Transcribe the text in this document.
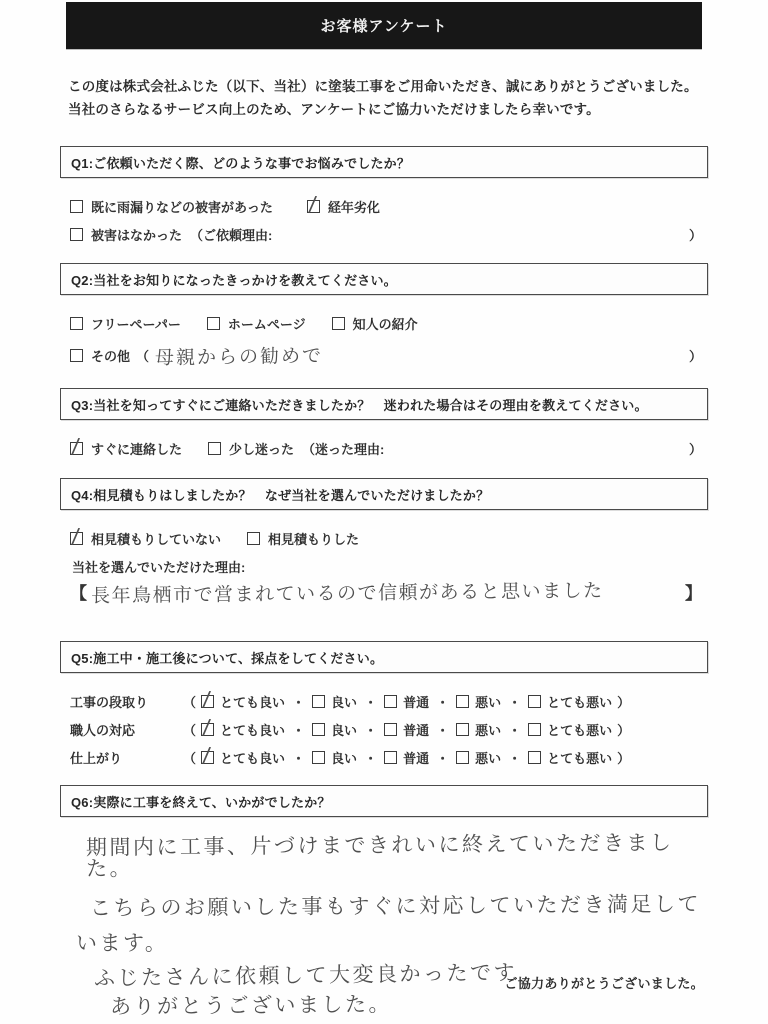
お客様アンケート

この度は株式会社ふじた（以下、当社）に塗装工事をご用命いただき、誠にありがとうございました。

当社のさらなるサービス向上のため、アンケートにご協力いただけましたら幸いです。

Q1:ご依頼いただく際、どのような事でお悩みでしたか？
既に雨漏りなどの被害があった / 経年劣化
被害はなかった （ご依頼理由:	）
Q2:当社をお知りになったきっかけを教えてください。
フリーペーパー	ホームページ	知人の紹介
その他 （ 母親からの勧めで	）
Q3:当社を知ってすぐにご連絡いただきましたか？　迷われた場合はその理由を教えてください。
/ すぐに連絡した	少し迷った （迷った理由:	）
Q4:相見積もりはしましたか？　なぜ当社を選んでいただけましたか？
/ 相見積もりしていない	相見積もりした
当社を選んでいただけた理由:
【 長年鳥栖市で営まれているので信頼があると思いました	】
Q5:施工中・施工後について、採点をしてください。
工事の段取り	（ / とても良い ・ 良い ・ 普通 ・ 悪い ・ とても悪い ）
職人の対応	（ / とても良い ・ 良い ・ 普通 ・ 悪い ・ とても悪い ）
仕上がり	（ / とても良い ・ 良い ・ 普通 ・ 悪い ・ とても悪い ）
Q6:実際に工事を終えて、いかがでしたか？
期間内に工事、片づけまできれいに終えていただきました。
こちらのお願いした事もすぐに対応していただき満足して
います。
ふじたさんに依頼して大変良かったです
ありがとうございました。
ご協力ありがとうございました。
